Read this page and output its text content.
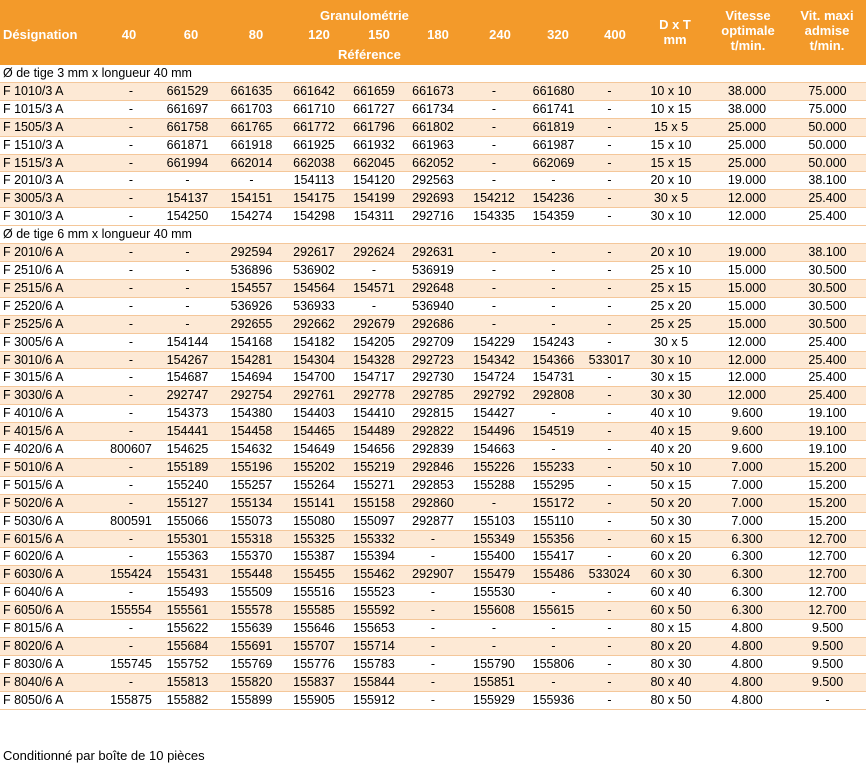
Désignation
Granulométrie
Référence
40	60	80	120	150	180	240	320	400
D x T
mm
Vitesse
optimale
t/min.
Vit. maxi
admise
t/min.
Ø de tige 3 mm x longueur 40 mm												
F 1010/3 A	-	661529	661635	661642	661659	661673	-	661680	-	10 x 10	38.000	75.000
F 1015/3 A	-	661697	661703	661710	661727	661734	-	661741	-	10 x 15	38.000	75.000
F 1505/3 A	-	661758	661765	661772	661796	661802	-	661819	-	15 x 5	25.000	50.000
F 1510/3 A	-	661871	661918	661925	661932	661963	-	661987	-	15 x 10	25.000	50.000
F 1515/3 A	-	661994	662014	662038	662045	662052	-	662069	-	15 x 15	25.000	50.000
F 2010/3 A	-	-	-	154113	154120	292563	-	-	-	20 x 10	19.000	38.100
F 3005/3 A	-	154137	154151	154175	154199	292693	154212	154236	-	30 x 5	12.000	25.400
F 3010/3 A	-	154250	154274	154298	154311	292716	154335	154359	-	30 x 10	12.000	25.400
Ø de tige 6 mm x longueur 40 mm												
F 2010/6 A	-	-	292594	292617	292624	292631	-	-	-	20 x 10	19.000	38.100
F 2510/6 A	-	-	536896	536902	-	536919	-	-	-	25 x 10	15.000	30.500
F 2515/6 A	-	-	154557	154564	154571	292648	-	-	-	25 x 15	15.000	30.500
F 2520/6 A	-	-	536926	536933	-	536940	-	-	-	25 x 20	15.000	30.500
F 2525/6 A	-	-	292655	292662	292679	292686	-	-	-	25 x 25	15.000	30.500
F 3005/6 A	-	154144	154168	154182	154205	292709	154229	154243	-	30 x 5	12.000	25.400
F 3010/6 A	-	154267	154281	154304	154328	292723	154342	154366	533017	30 x 10	12.000	25.400
F 3015/6 A	-	154687	154694	154700	154717	292730	154724	154731	-	30 x 15	12.000	25.400
F 3030/6 A	-	292747	292754	292761	292778	292785	292792	292808	-	30 x 30	12.000	25.400
F 4010/6 A	-	154373	154380	154403	154410	292815	154427	-	-	40 x 10	9.600	19.100
F 4015/6 A	-	154441	154458	154465	154489	292822	154496	154519	-	40 x 15	9.600	19.100
F 4020/6 A	800607	154625	154632	154649	154656	292839	154663	-	-	40 x 20	9.600	19.100
F 5010/6 A	-	155189	155196	155202	155219	292846	155226	155233	-	50 x 10	7.000	15.200
F 5015/6 A	-	155240	155257	155264	155271	292853	155288	155295	-	50 x 15	7.000	15.200
F 5020/6 A	-	155127	155134	155141	155158	292860	-	155172	-	50 x 20	7.000	15.200
F 5030/6 A	800591	155066	155073	155080	155097	292877	155103	155110	-	50 x 30	7.000	15.200
F 6015/6 A	-	155301	155318	155325	155332	-	155349	155356	-	60 x 15	6.300	12.700
F 6020/6 A	-	155363	155370	155387	155394	-	155400	155417	-	60 x 20	6.300	12.700
F 6030/6 A	155424	155431	155448	155455	155462	292907	155479	155486	533024	60 x 30	6.300	12.700
F 6040/6 A	-	155493	155509	155516	155523	-	155530	-	-	60 x 40	6.300	12.700
F 6050/6 A	155554	155561	155578	155585	155592	-	155608	155615	-	60 x 50	6.300	12.700
F 8015/6 A	-	155622	155639	155646	155653	-	-	-	-	80 x 15	4.800	9.500
F 8020/6 A	-	155684	155691	155707	155714	-	-	-	-	80 x 20	4.800	9.500
F 8030/6 A	155745	155752	155769	155776	155783	-	155790	155806	-	80 x 30	4.800	9.500
F 8040/6 A	-	155813	155820	155837	155844	-	155851	-	-	80 x 40	4.800	9.500
F 8050/6 A	155875	155882	155899	155905	155912	-	155929	155936	-	80 x 50	4.800	-
Conditionné par boîte de 10 pièces
